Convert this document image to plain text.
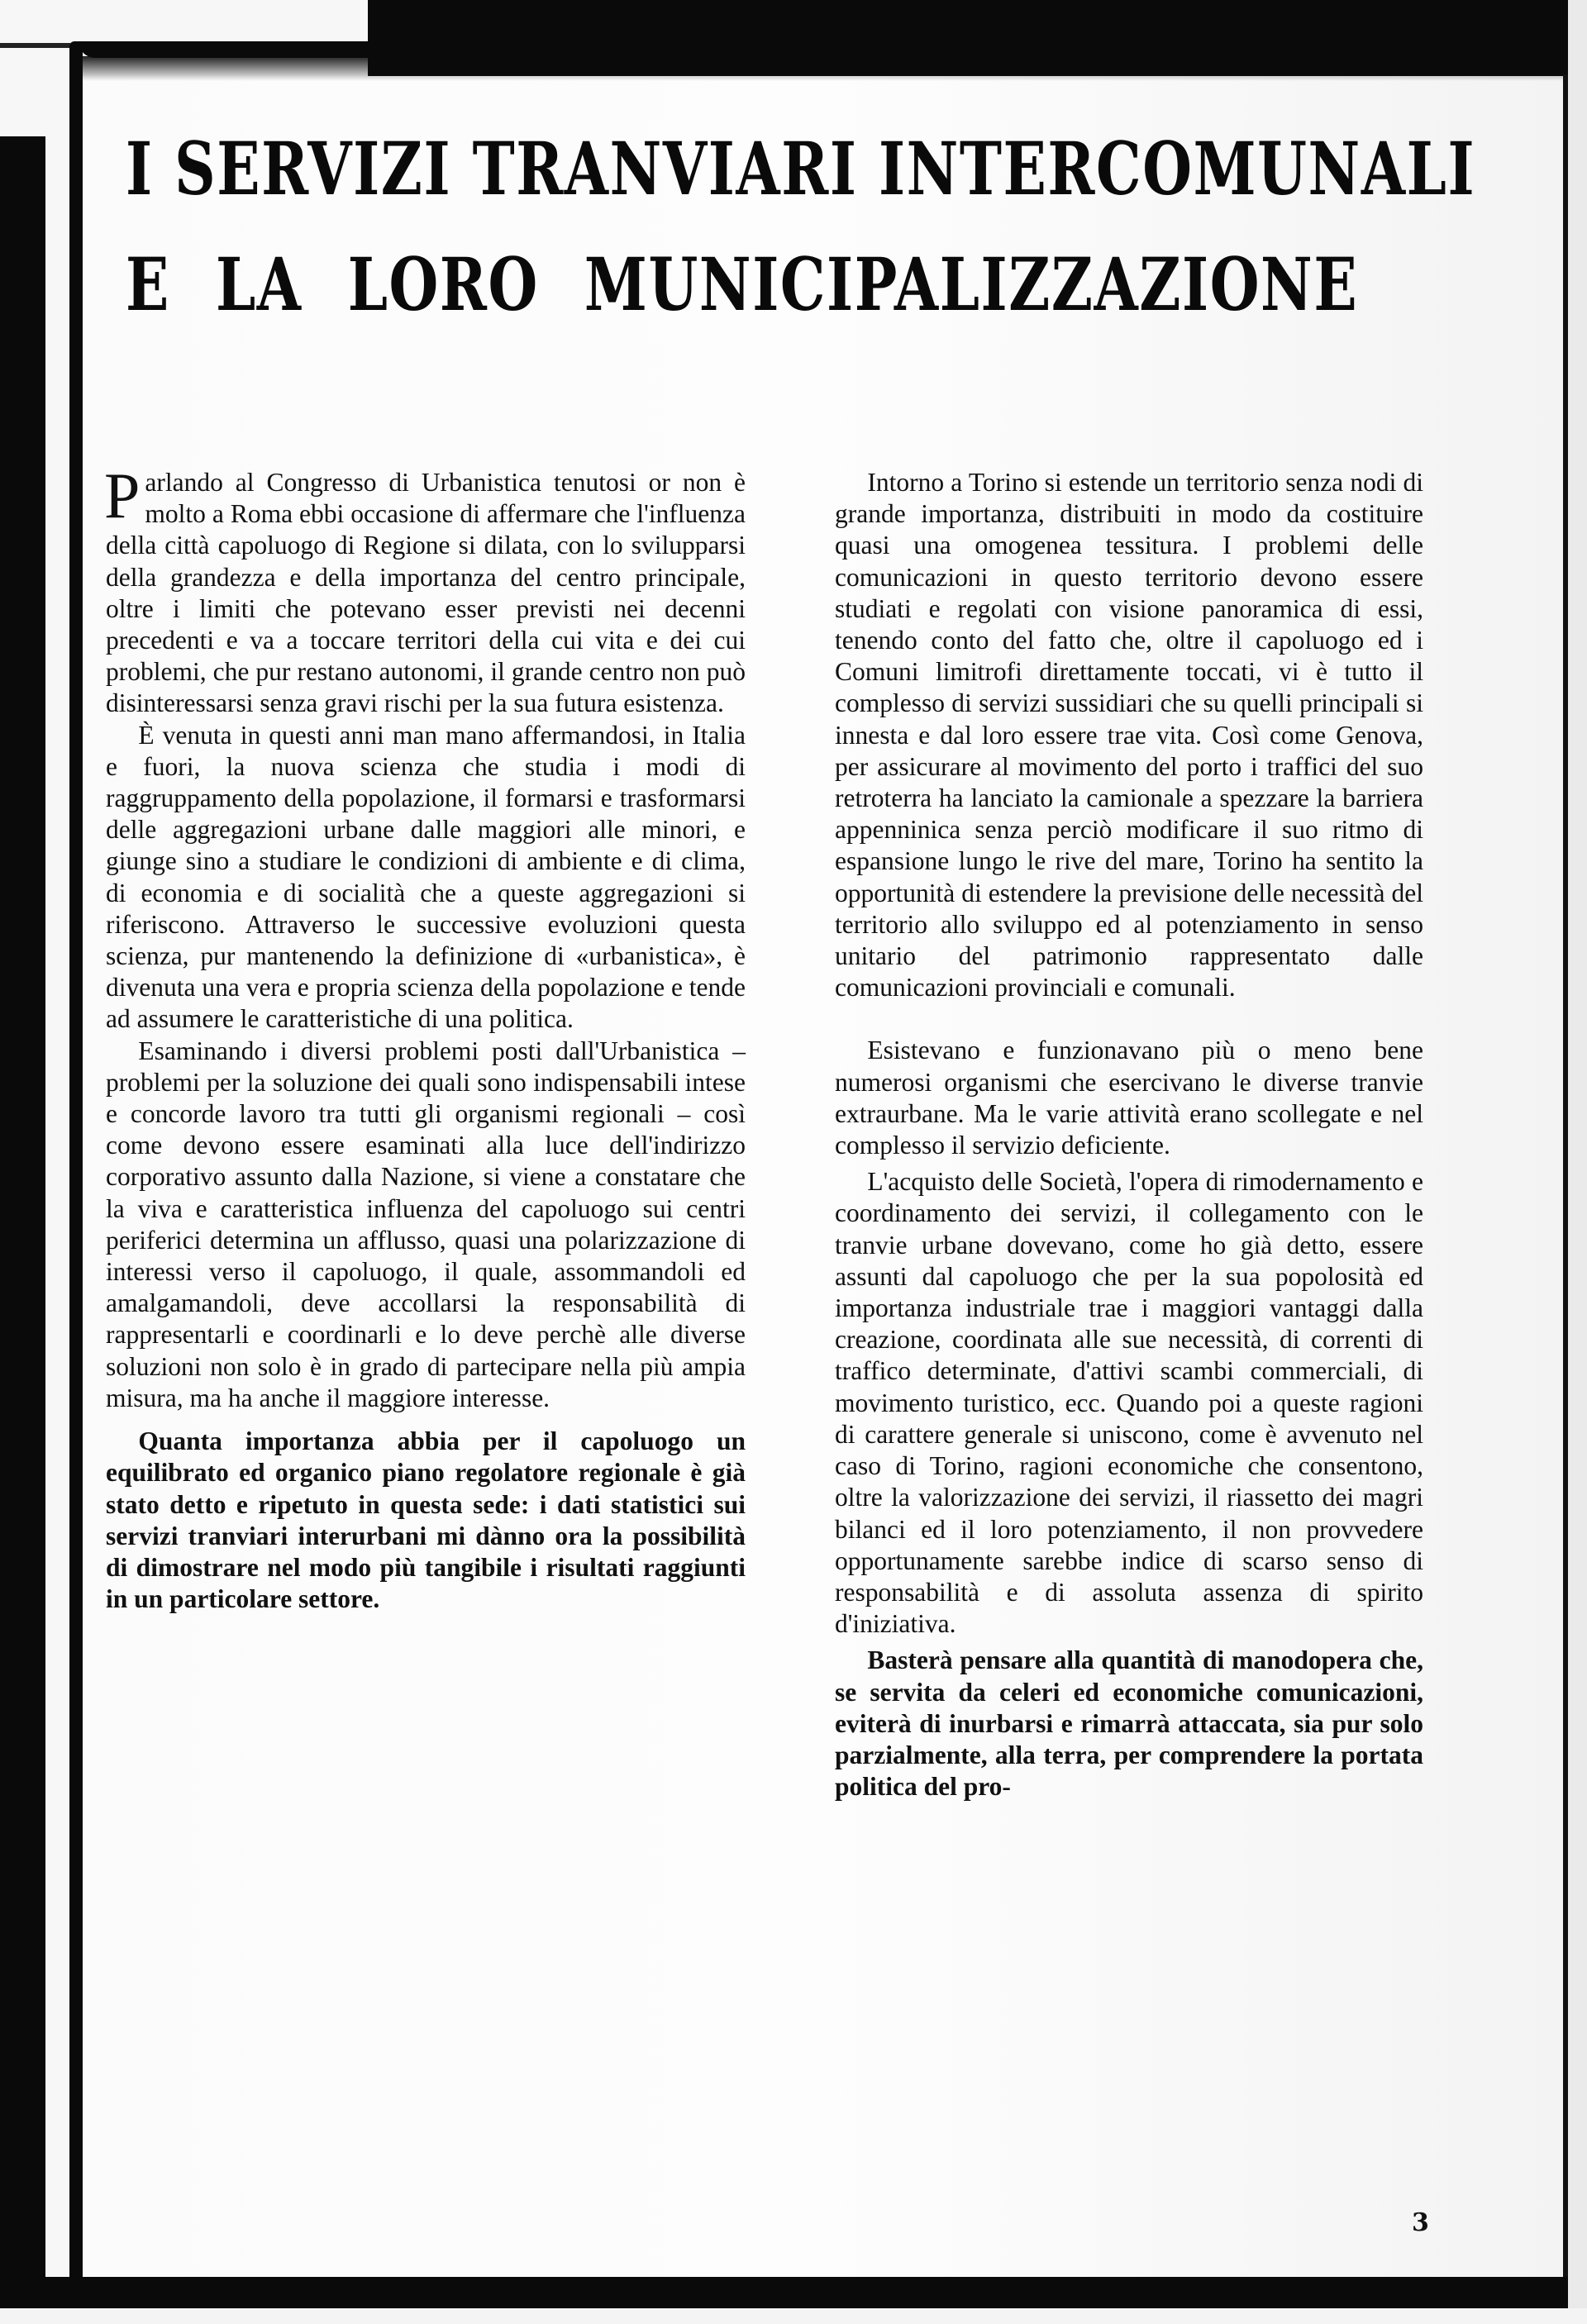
I SERVIZI TRANVIARI INTERCOMUNALI
E LA LORO MUNICIPALIZZAZIONE

Parlando al Congresso di Urbanistica tenutosi or non è molto a Roma ebbi occasione di affermare che l'influenza della città capoluogo di Regione si dilata, con lo svilupparsi della grandezza e della importanza del centro principale, oltre i limiti che potevano esser previsti nei decenni precedenti e va a toccare territori della cui vita e dei cui problemi, che pur restano autonomi, il grande centro non può disinteressarsi senza gravi rischi per la sua futura esistenza.

È venuta in questi anni man mano affermandosi, in Italia e fuori, la nuova scienza che studia i modi di raggruppamento della popolazione, il formarsi e trasformarsi delle aggregazioni urbane dalle maggiori alle minori, e giunge sino a studiare le condizioni di ambiente e di clima, di economia e di socialità che a queste aggregazioni si riferiscono. Attraverso le successive evoluzioni questa scienza, pur mantenendo la definizione di «urbanistica», è divenuta una vera e propria scienza della popolazione e tende ad assumere le caratteristiche di una politica.

Esaminando i diversi problemi posti dall'Urbanistica – problemi per la soluzione dei quali sono indispensabili intese e concorde lavoro tra tutti gli organismi regionali – così come devono essere esaminati alla luce dell'indirizzo corporativo assunto dalla Nazione, si viene a constatare che la viva e caratteristica influenza del capoluogo sui centri periferici determina un afflusso, quasi una polarizzazione di interessi verso il capoluogo, il quale, assommandoli ed amalgamandoli, deve accollarsi la responsabilità di rappresentarli e coordinarli e lo deve perchè alle diverse soluzioni non solo è in grado di partecipare nella più ampia misura, ma ha anche il maggiore interesse.

Quanta importanza abbia per il capoluogo un equilibrato ed organico piano regolatore regionale è già stato detto e ripetuto in questa sede: i dati statistici sui servizi tranviari interurbani mi dànno ora la possibilità di dimostrare nel modo più tangibile i risultati raggiunti in un particolare settore.

Intorno a Torino si estende un territorio senza nodi di grande importanza, distribuiti in modo da costituire quasi una omogenea tessitura. I problemi delle comunicazioni in questo territorio devono essere studiati e regolati con visione panoramica di essi, tenendo conto del fatto che, oltre il capoluogo ed i Comuni limitrofi direttamente toccati, vi è tutto il complesso di servizi sussidiari che su quelli principali si innesta e dal loro essere trae vita. Così come Genova, per assicurare al movimento del porto i traffici del suo retroterra ha lanciato la camionale a spezzare la barriera appenninica senza perciò modificare il suo ritmo di espansione lungo le rive del mare, Torino ha sentito la opportunità di estendere la previsione delle necessità del territorio allo sviluppo ed al potenziamento in senso unitario del patrimonio rappresentato dalle comunicazioni provinciali e comunali.

Esistevano e funzionavano più o meno bene numerosi organismi che esercivano le diverse tranvie extraurbane. Ma le varie attività erano scollegate e nel complesso il servizio deficiente.

L'acquisto delle Società, l'opera di rimodernamento e coordinamento dei servizi, il collegamento con le tranvie urbane dovevano, come ho già detto, essere assunti dal capoluogo che per la sua popolosità ed importanza industriale trae i maggiori vantaggi dalla creazione, coordinata alle sue necessità, di correnti di traffico determinate, d'attivi scambi commerciali, di movimento turistico, ecc. Quando poi a queste ragioni di carattere generale si uniscono, come è avvenuto nel caso di Torino, ragioni economiche che consentono, oltre la valorizzazione dei servizi, il riassetto dei magri bilanci ed il loro potenziamento, il non provvedere opportunamente sarebbe indice di scarso senso di responsabilità e di assoluta assenza di spirito d'iniziativa.

Basterà pensare alla quantità di manodopera che, se servita da celeri ed economiche comunicazioni, eviterà di inurbarsi e rimarrà attaccata, sia pur solo parzialmente, alla terra, per comprendere la portata politica del pro-

3
